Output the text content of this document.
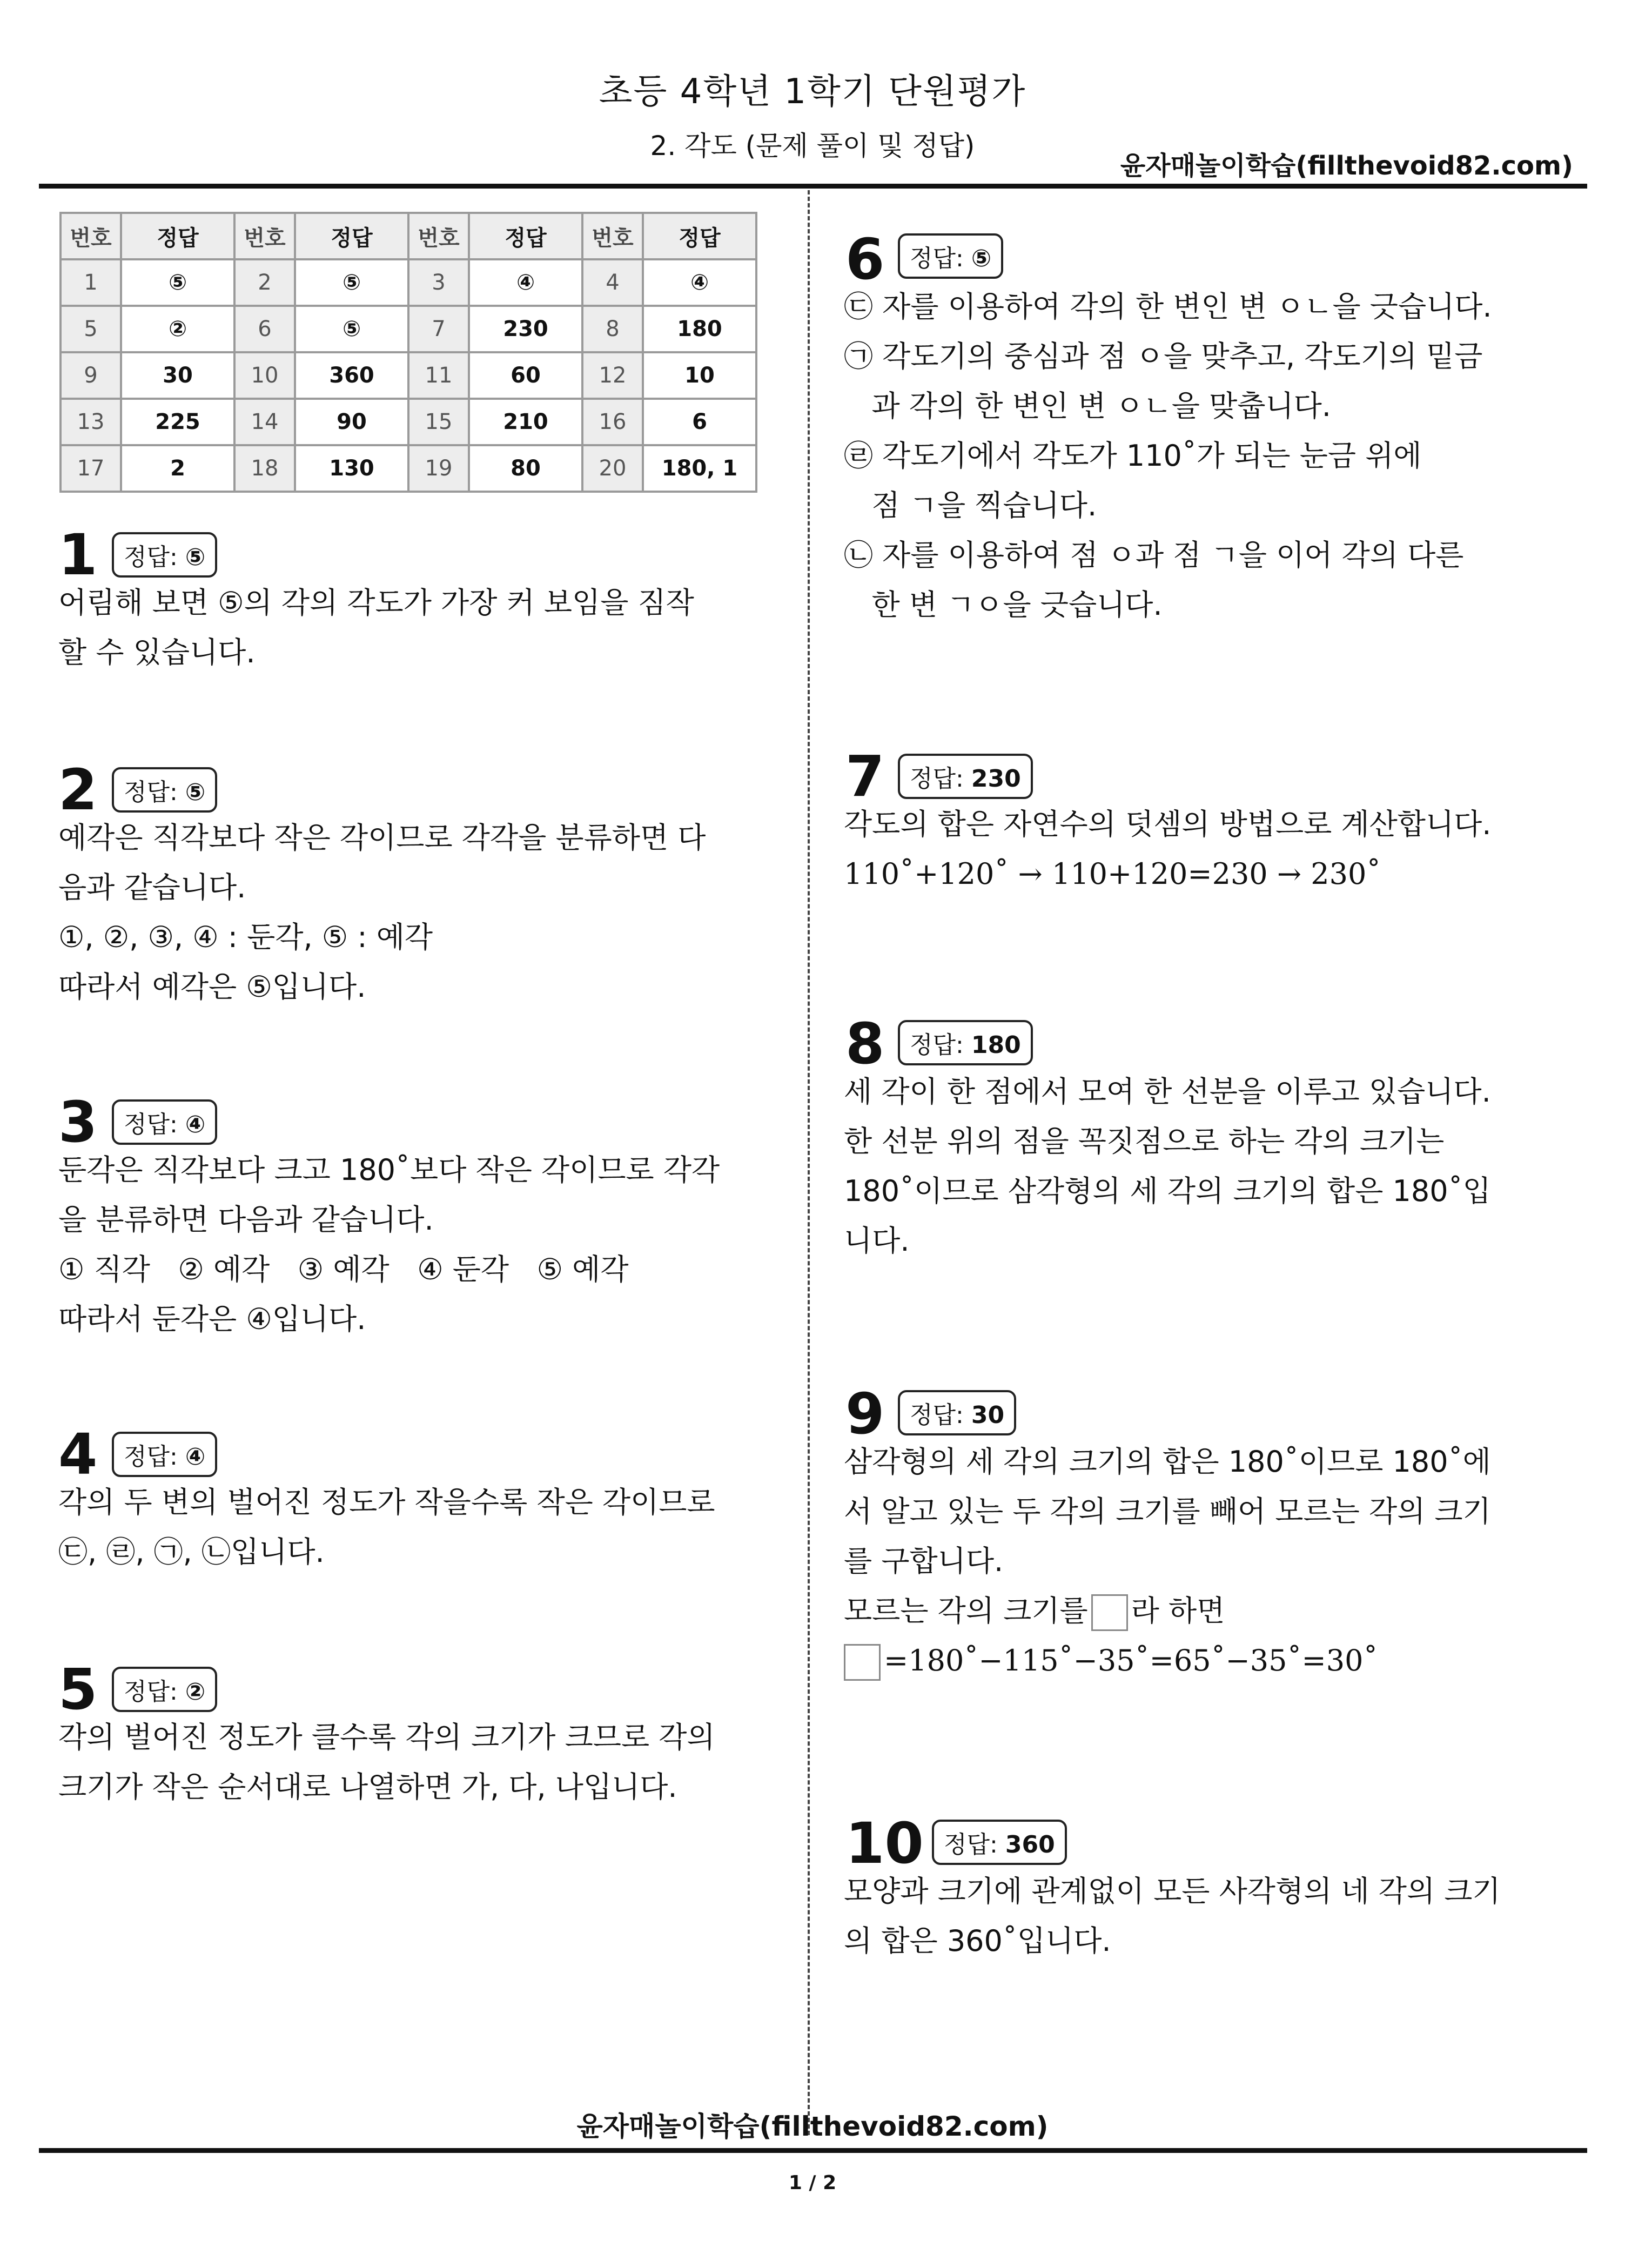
초등 4학년 1학기 단원평가
2. 각도 (문제 풀이 및 정답)
윤자매놀이학습(fillthevoid82.com)
번호	정답	번호	정답	번호	정답	번호	정답
1	⑤	2	⑤	3	④	4	④
5	②	6	⑤	7	230	8	180
9	30	10	360	11	60	12	10
13	225	14	90	15	210	16	6
17	2	18	130	19	80	20	180, 1
1	정답: ⑤
어림해 보면 ⑤의 각의 각도가 가장 커 보임을 짐작
할 수 있습니다.
2	정답: ⑤
예각은 직각보다 작은 각이므로 각각을 분류하면 다
음과 같습니다.
①, ②, ③, ④ : 둔각, ⑤ : 예각
따라서 예각은 ⑤입니다.
3	정답: ④
둔각은 직각보다 크고 180˚보다 작은 각이므로 각각
을 분류하면 다음과 같습니다.
① 직각   ② 예각   ③ 예각   ④ 둔각   ⑤ 예각
따라서 둔각은 ④입니다.
4	정답: ④
각의 두 변의 벌어진 정도가 작을수록 작은 각이므로
㉢, ㉣, ㉠, ㉡입니다.
5	정답: ②
각의 벌어진 정도가 클수록 각의 크기가 크므로 각의
크기가 작은 순서대로 나열하면 가, 다, 나입니다.
6	정답: ⑤
㉢ 자를 이용하여 각의 한 변인 변 ㅇㄴ을 긋습니다.
㉠ 각도기의 중심과 점 ㅇ을 맞추고, 각도기의 밑금
과 각의 한 변인 변 ㅇㄴ을 맞춥니다.
㉣ 각도기에서 각도가 110˚가 되는 눈금 위에
점 ㄱ을 찍습니다.
㉡ 자를 이용하여 점 ㅇ과 점 ㄱ을 이어 각의 다른
한 변 ㄱㅇ을 긋습니다.
7	정답: 230
각도의 합은 자연수의 덧셈의 방법으로 계산합니다.
110˚+120˚ → 110+120=230 → 230˚
8	정답: 180
세 각이 한 점에서 모여 한 선분을 이루고 있습니다.
한 선분 위의 점을 꼭짓점으로 하는 각의 크기는
180˚이므로 삼각형의 세 각의 크기의 합은 180˚입
니다.
9	정답: 30
삼각형의 세 각의 크기의 합은 180˚이므로 180˚에
서 알고 있는 두 각의 크기를 빼어 모르는 각의 크기
를 구합니다.
모르는 각의 크기를 라 하면
=180˚−115˚−35˚=65˚−35˚=30˚
10 정답: 360
모양과 크기에 관계없이 모든 사각형의 네 각의 크기
의 합은 360˚입니다.
윤자매놀이학습(fillthevoid82.com)
1 / 2
